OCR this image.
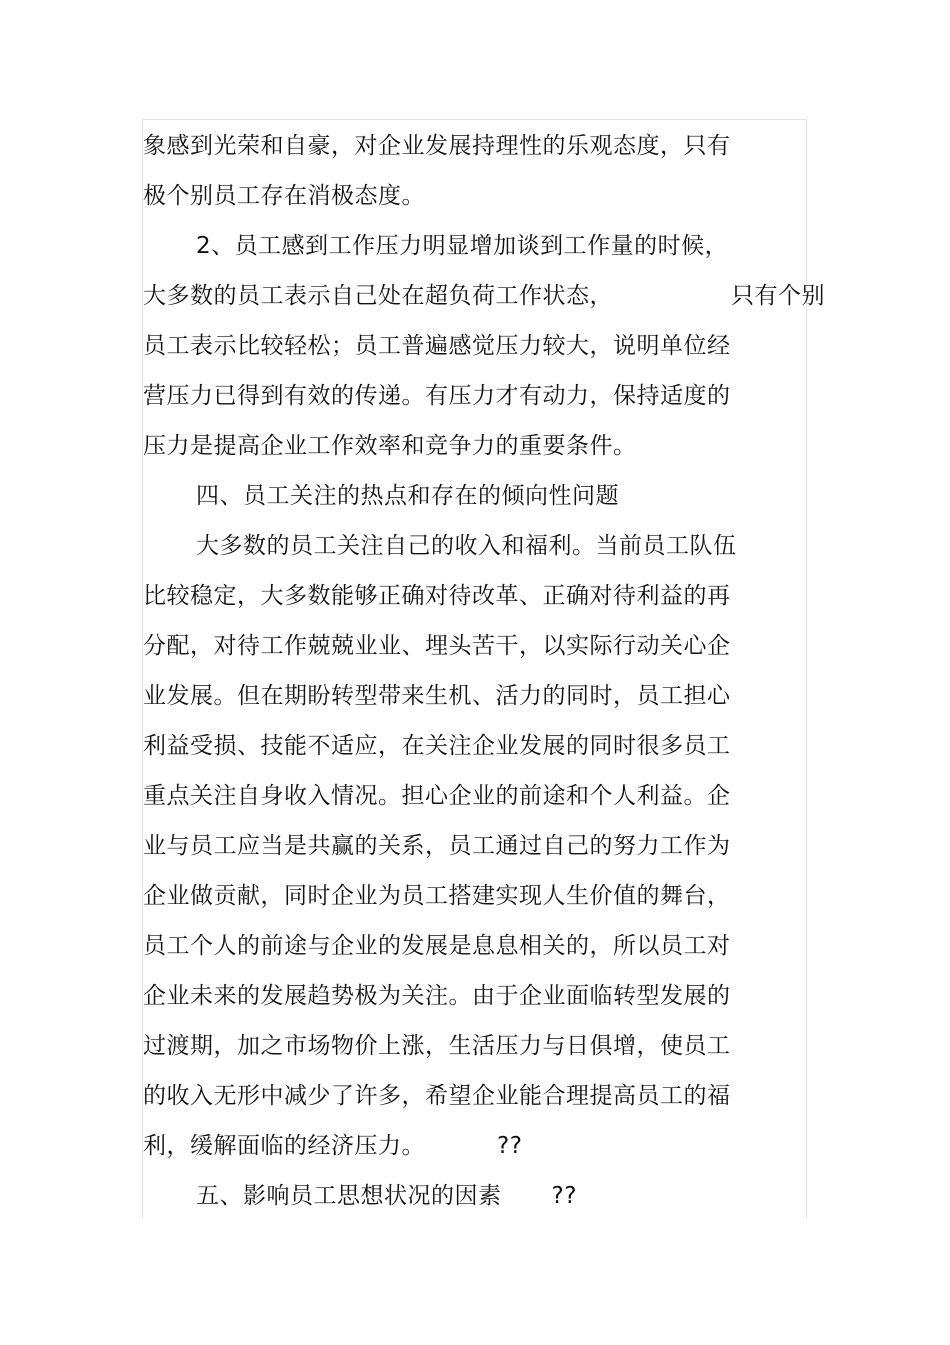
象感到光荣和自豪，对企业发展持理性的乐观态度，只有
极个别员工存在消极态度。
2、员工感到工作压力明显增加谈到工作量的时候，
大多数的员工表示自己处在超负荷工作状态，	只有个别
员工表示比较轻松；员工普遍感觉压力较大，说明单位经
营压力已得到有效的传递。有压力才有动力，保持适度的
压力是提高企业工作效率和竞争力的重要条件。
四、员工关注的热点和存在的倾向性问题
大多数的员工关注自己的收入和福利。当前员工队伍
比较稳定，大多数能够正确对待改革、正确对待利益的再
分配，对待工作兢兢业业、埋头苦干，以实际行动关心企
业发展。但在期盼转型带来生机、活力的同时，员工担心
利益受损、技能不适应，在关注企业发展的同时很多员工
重点关注自身收入情况。担心企业的前途和个人利益。企
业与员工应当是共赢的关系，员工通过自己的努力工作为
企业做贡献，同时企业为员工搭建实现人生价值的舞台，
员工个人的前途与企业的发展是息息相关的，所以员工对
企业未来的发展趋势极为关注。由于企业面临转型发展的
过渡期，加之市场物价上涨，生活压力与日俱增，使员工
的收入无形中减少了许多，希望企业能合理提高员工的福
利，缓解面临的经济压力。	??
五、影响员工思想状况的因素 ??
